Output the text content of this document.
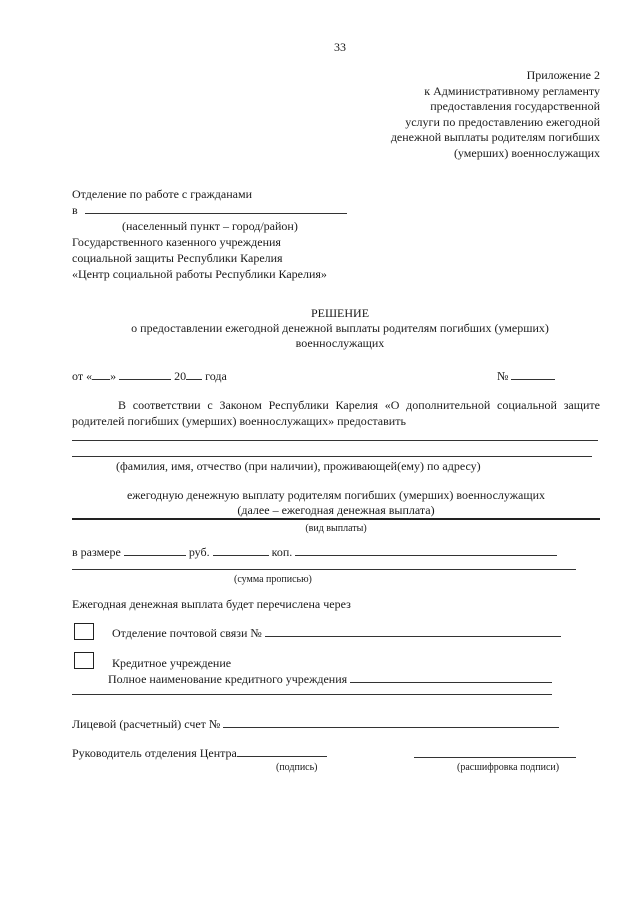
33
Приложение 2
к Административному регламенту
предоставления государственной
услуги по предоставлению ежегодной
денежной выплаты родителям погибших
(умерших) военнослужащих
Отделение по работе с гражданами
в
(населенный пункт – город/район)
Государственного казенного учреждения
социальной защиты Республики Карелия
«Центр социальной работы Республики Карелия»
РЕШЕНИЕ
о предоставлении ежегодной денежной выплаты родителям погибших (умерших) военнослужащих
от « »	20 года	№
В соответствии с Законом Республики Карелия «О дополнительной социальной защите родителей погибших (умерших) военнослужащих» предоставить
(фамилия, имя, отчество (при наличии), проживающей(ему) по адресу)
ежегодную денежную выплату родителям погибших (умерших) военнослужащих
(далее – ежегодная денежная выплата)
(вид выплаты)
в размере	руб.	коп.
(сумма прописью)
Ежегодная денежная выплата будет перечислена через
Отделение почтовой связи №
Кредитное учреждение
Полное наименование кредитного учреждения
Лицевой (расчетный) счет №
Руководитель отделения Центра
(подпись)	(расшифровка подписи)
